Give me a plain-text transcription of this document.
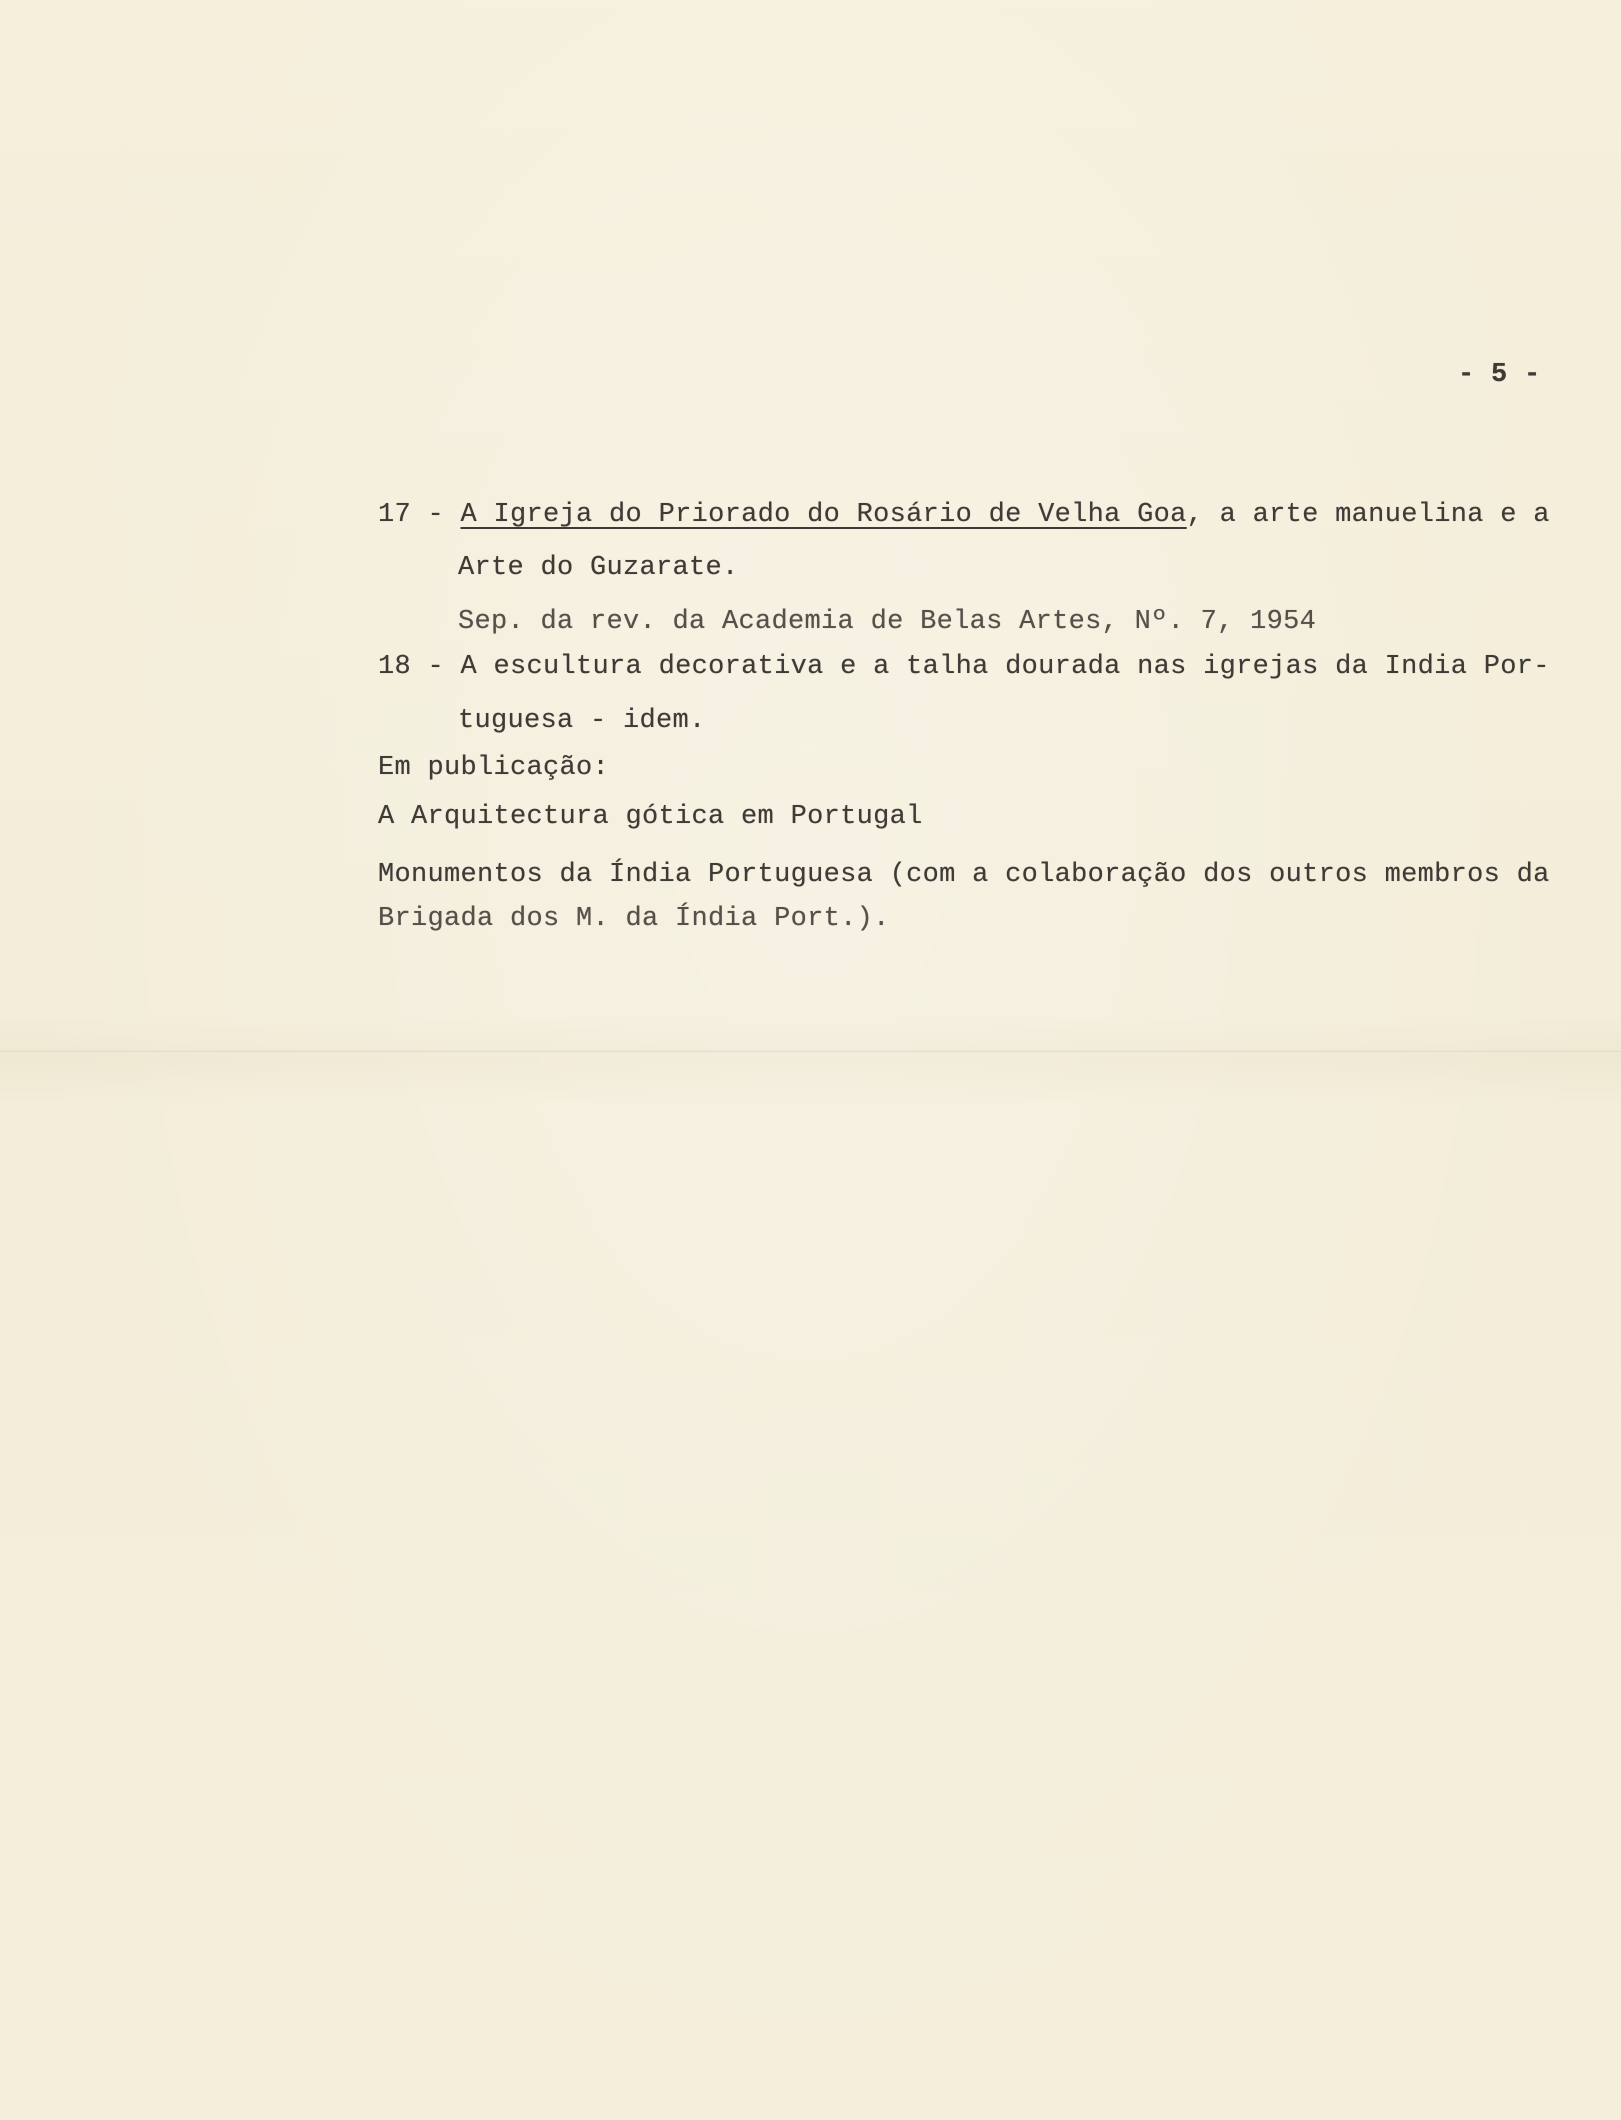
- 5 -
17 - A Igreja do Priorado do Rosário de Velha Goa, a arte manuelina e a
Arte do Guzarate.
Sep. da rev. da Academia de Belas Artes, Nº. 7, 1954
18 - A escultura decorativa e a talha dourada nas igrejas da India Por-
tuguesa - idem.
Em publicação:
A Arquitectura gótica em Portugal
Monumentos da Índia Portuguesa (com a colaboração dos outros membros da
Brigada dos M. da Índia Port.).
